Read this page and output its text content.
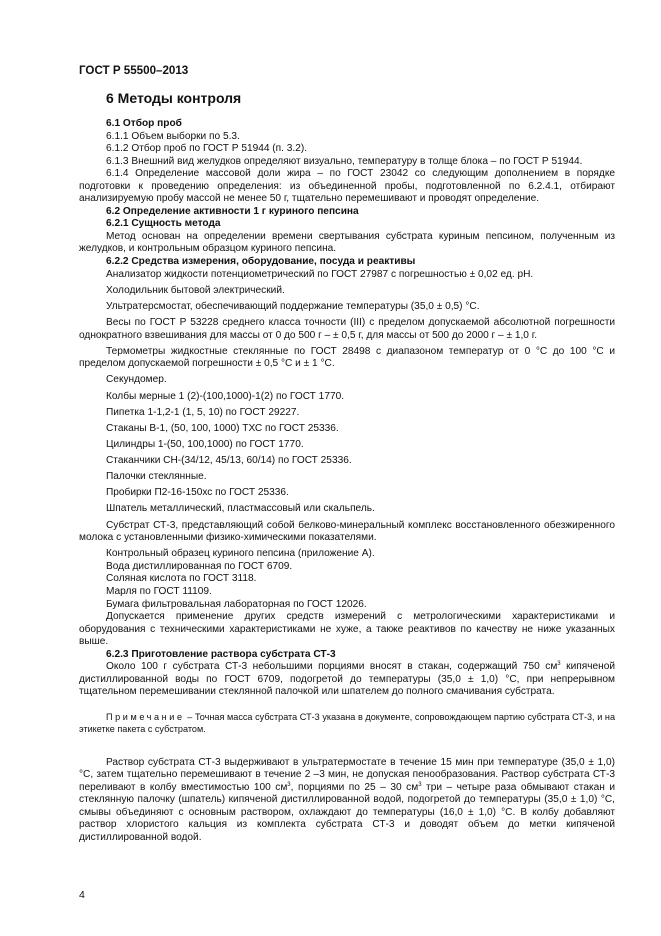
ГОСТ Р 55500–2013
6 Методы контроля

6.1 Отбор проб

6.1.1 Объем выборки по 5.3.

6.1.2 Отбор проб по ГОСТ Р 51944 (п. 3.2).

6.1.3 Внешний вид желудков определяют визуально, температуру в толще блока – по ГОСТ Р 51944.

6.1.4 Определение массовой доли жира – по ГОСТ 23042 со следующим дополнением в порядке подготовки к проведению определения: из объединенной пробы, подготовленной по 6.2.4.1, отбирают анализируемую пробу массой не менее 50 г, тщательно перемешивают и проводят определение.

6.2 Определение активности 1 г куриного пепсина

6.2.1 Сущность метода

Метод основан на определении времени свертывания субстрата куриным пепсином, полученным из желудков, и контрольным образцом куриного пепсина.

6.2.2 Средства измерения, оборудование, посуда и реактивы

Анализатор жидкости потенциометрический по ГОСТ 27987 с погрешностью ± 0,02 ед. рН.

Холодильник бытовой электрический.

Ультратерсмостат, обеспечивающий поддержание температуры (35,0 ± 0,5) °С.

Весы по ГОСТ Р 53228 среднего класса точности (III) с пределом допускаемой абсолютной погрешности однократного взвешивания для массы от 0 до 500 г – ± 0,5 г, для массы от 500 до 2000 г – ± 1,0 г.

Термометры жидкостные стеклянные по ГОСТ 28498 с диапазоном температур от 0 °С до 100 °С и пределом допускаемой погрешности ± 0,5 °С и ± 1 °С.

Секундомер.

Колбы мерные 1 (2)-(100,1000)-1(2) по ГОСТ 1770.

Пипетка 1-1,2-1 (1, 5, 10) по ГОСТ 29227.

Стаканы В-1, (50, 100, 1000) ТХС по ГОСТ 25336.

Цилиндры 1-(50, 100,1000) по ГОСТ 1770.

Стаканчики СН-(34/12, 45/13, 60/14) по ГОСТ 25336.

Палочки стеклянные.

Пробирки П2-16-150хс по ГОСТ 25336.

Шпатель металлический, пластмассовый или скальпель.

Субстрат СТ-3, представляющий собой белково-минеральный комплекс восстановленного обезжиренного молока с установленными физико-химическими показателями.

Контрольный образец куриного пепсина (приложение А).

Вода дистиллированная по ГОСТ 6709.

Соляная кислота по ГОСТ 3118.

Марля по ГОСТ 11109.

Бумага фильтровальная лабораторная по ГОСТ 12026.

Допускается применение других средств измерений с метрологическими характеристиками и оборудования с техническими характеристиками не хуже, а также реактивов по качеству не ниже указанных выше.

6.2.3 Приготовление раствора субстрата СТ-3

Около 100 г субстрата СТ-3 небольшими порциями вносят в стакан, содержащий 750 $см^3$ кипяченой дистиллированной воды по ГОСТ 6709, подогретой до температуры (35,0 ± 1,0) °С, при непрерывном тщательном перемешивании стеклянной палочкой или шпателем до полного смачивания субстрата.

Примечание – Точная масса субстрата СТ-3 указана в документе, сопровождающем партию субстрата СТ-3, и на этикетке пакета с субстратом.

Раствор субстрата СТ-3 выдерживают в ультратермостате в течение 15 мин при температуре (35,0 ± 1,0) °С, затем тщательно перемешивают в течение 2 –3 мин, не допуская пенообразования. Раствор субстрата СТ-3 переливают в колбу вместимостью 100 $см^3$, порциями по 25 – 30 $см^3$ три – четыре раза обмывают стакан и стеклянную палочку (шпатель) кипяченой дистиллированной водой, подогретой до температуры (35,0 ± 1,0) °С, смывы объединяют с основным раствором, охлаждают до температуры (16,0 ± 1,0) °С. В колбу добавляют раствор хлористого кальция из комплекта субстрата СТ-3 и доводят объем до метки кипяченой дистиллированной водой.

4
